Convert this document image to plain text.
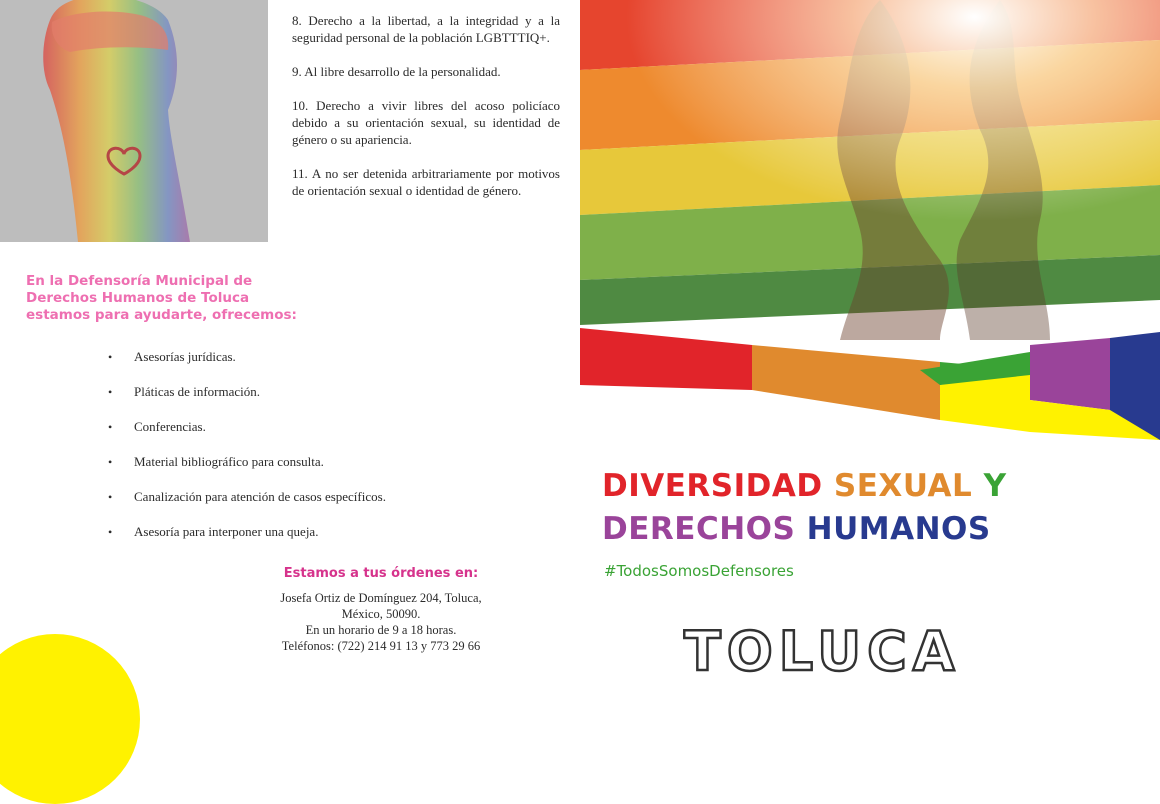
8. Derecho a la libertad, a la integridad y a la seguridad personal de la población LGBTTTIQ+.

9. Al libre desarrollo de la personalidad.

10. Derecho a vivir libres del acoso policíaco debido a su orientación sexual, su identidad de género o su apariencia.

11. A no ser detenida arbitrariamente por motivos de orientación sexual o identidad de género.

En la Defensoría Municipal de
Derechos Humanos de Toluca
estamos para ayudarte, ofrecemos:
• Asesorías jurídicas.
• Pláticas de información.
• Conferencias.
• Material bibliográfico para consulta.
• Canalización para atención de casos específicos.
• Asesoría para interponer una queja.
Estamos a tus órdenes en:
Josefa Ortiz de Domínguez 204, Toluca,
México, 50090.
En un horario de 9 a 18 horas.
Teléfonos: (722) 214 91 13 y 773 29 66
DIVERSIDAD SEXUAL Y
DERECHOS HUMANOS
#TodosSomosDefensores
TOLUCA
